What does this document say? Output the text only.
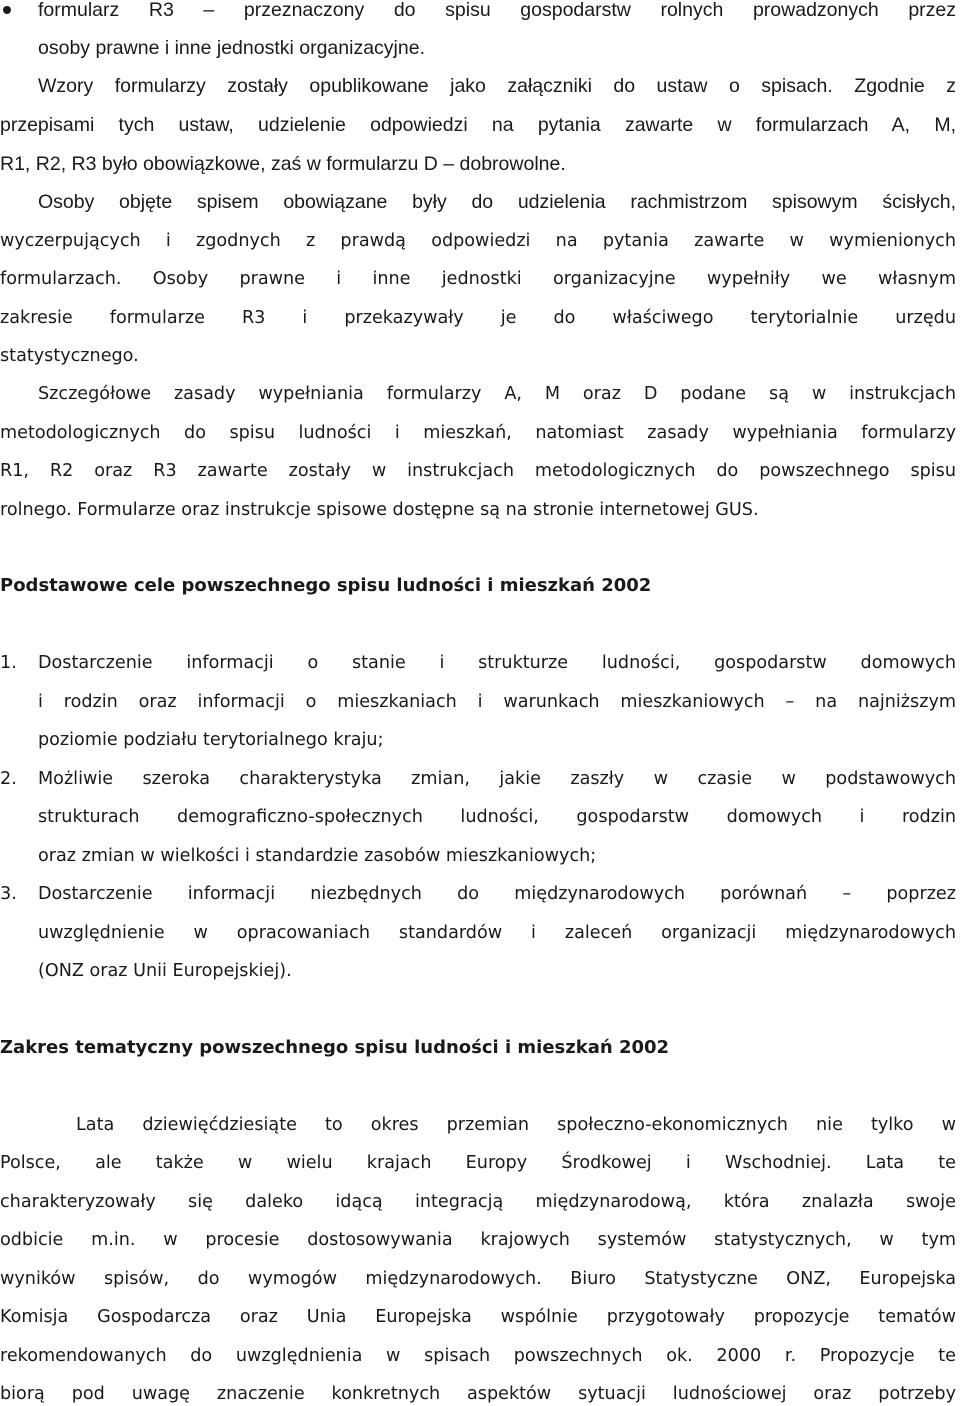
formularz R3 – przeznaczony do spisu gospodarstw rolnych prowadzonych przez
osoby prawne i inne jednostki organizacyjne.
Wzory formularzy zostały opublikowane jako załączniki do ustaw o spisach. Zgodnie z
przepisami tych ustaw, udzielenie odpowiedzi na pytania zawarte w formularzach A, M,
R1, R2, R3 było obowiązkowe, zaś w formularzu D – dobrowolne.
Osoby objęte spisem obowiązane były do udzielenia rachmistrzom spisowym ścisłych,
wyczerpujących i zgodnych z prawdą odpowiedzi na pytania zawarte w wymienionych
formularzach. Osoby prawne i inne jednostki organizacyjne wypełniły we własnym
zakresie formularze R3 i przekazywały je do właściwego terytorialnie urzędu
statystycznego.
Szczegółowe zasady wypełniania formularzy A, M oraz D podane są w instrukcjach
metodologicznych do spisu ludności i mieszkań, natomiast zasady wypełniania formularzy
R1, R2 oraz R3 zawarte zostały w instrukcjach metodologicznych do powszechnego spisu
rolnego. Formularze oraz instrukcje spisowe dostępne są na stronie internetowej GUS.
Podstawowe cele powszechnego spisu ludności i mieszkań 2002
1. Dostarczenie informacji o stanie i strukturze ludności, gospodarstw domowych
i rodzin oraz informacji o mieszkaniach i warunkach mieszkaniowych – na najniższym
poziomie podziału terytorialnego kraju;
2. Możliwie szeroka charakterystyka zmian, jakie zaszły w czasie w podstawowych
strukturach demograficzno-społecznych ludności, gospodarstw domowych i rodzin
oraz zmian w wielkości i standardzie zasobów mieszkaniowych;
3. Dostarczenie informacji niezbędnych do międzynarodowych porównań – poprzez
uwzględnienie w opracowaniach standardów i zaleceń organizacji międzynarodowych
(ONZ oraz Unii Europejskiej).
Zakres tematyczny powszechnego spisu ludności i mieszkań 2002
Lata dziewięćdziesiąte to okres przemian społeczno-ekonomicznych nie tylko w
Polsce, ale także w wielu krajach Europy Środkowej i Wschodniej. Lata te
charakteryzowały się daleko idącą integracją międzynarodową, która znalazła swoje
odbicie m.in. w procesie dostosowywania krajowych systemów statystycznych, w tym
wyników spisów, do wymogów międzynarodowych. Biuro Statystyczne ONZ, Europejska
Komisja Gospodarcza oraz Unia Europejska wspólnie przygotowały propozycje tematów
rekomendowanych do uwzględnienia w spisach powszechnych ok. 2000 r. Propozycje te
biorą pod uwagę znaczenie konkretnych aspektów sytuacji ludnościowej oraz potrzeby
